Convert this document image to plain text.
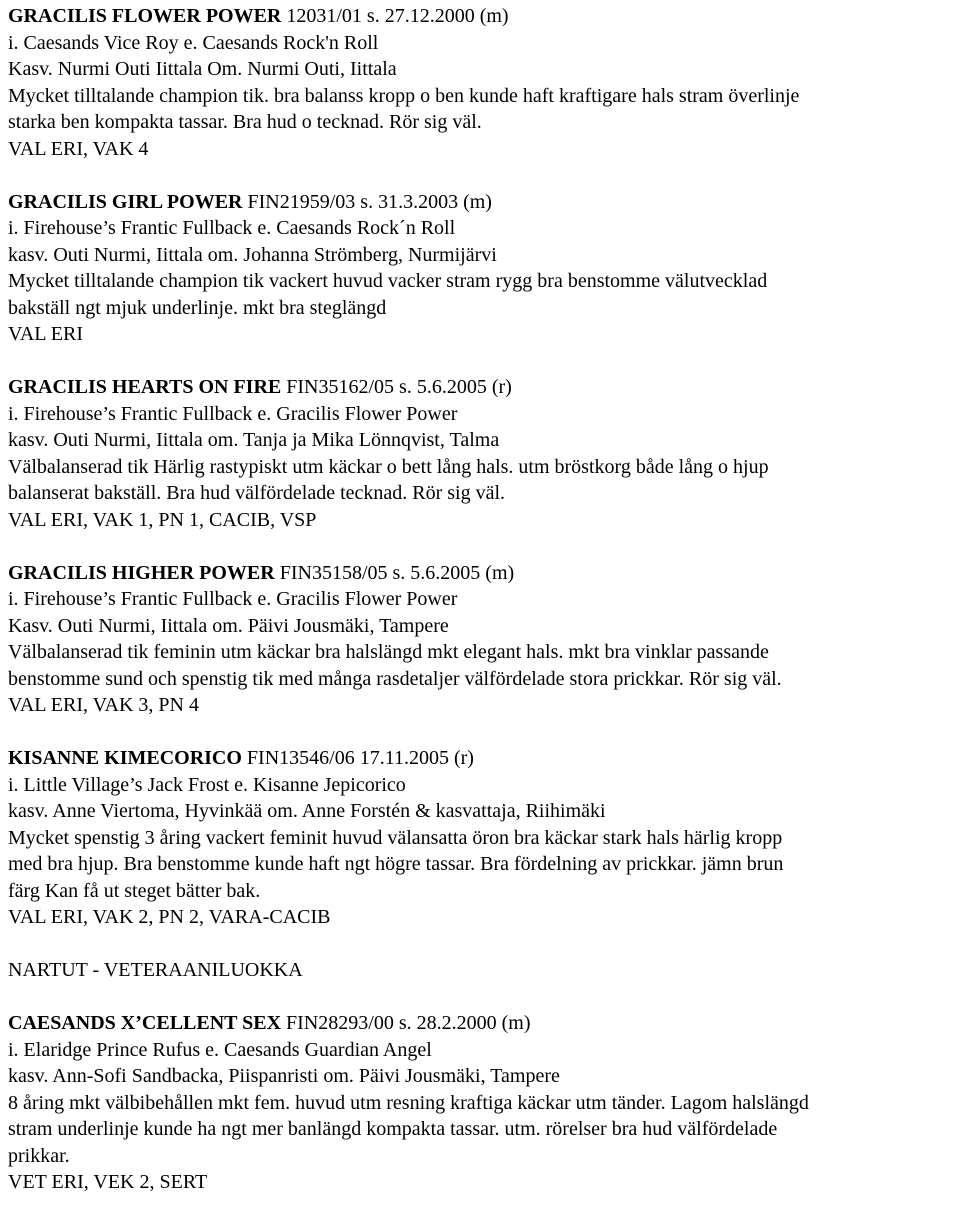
GRACILIS FLOWER POWER 12031/01 s. 27.12.2000 (m)
i. Caesands Vice Roy e. Caesands Rock'n Roll
Kasv. Nurmi Outi Iittala Om. Nurmi Outi, Iittala
Mycket tilltalande champion tik. bra balanss kropp o ben kunde haft kraftigare hals stram överlinje
starka ben kompakta tassar. Bra hud o tecknad. Rör sig väl.
VAL ERI, VAK 4
GRACILIS GIRL POWER FIN21959/03 s. 31.3.2003 (m)
i. Firehouse’s Frantic Fullback e. Caesands Rock´n Roll
kasv. Outi Nurmi, Iittala om. Johanna Strömberg, Nurmijärvi
Mycket tilltalande champion tik vackert huvud vacker stram rygg bra benstomme välutvecklad
bakställ ngt mjuk underlinje. mkt bra steglängd
VAL ERI
GRACILIS HEARTS ON FIRE FIN35162/05 s. 5.6.2005 (r)
i. Firehouse’s Frantic Fullback e. Gracilis Flower Power
kasv. Outi Nurmi, Iittala om. Tanja ja Mika Lönnqvist, Talma
Välbalanserad tik Härlig rastypiskt utm käckar o bett lång hals. utm bröstkorg både lång o hjup
balanserat bakställ. Bra hud välfördelade tecknad. Rör sig väl.
VAL ERI, VAK 1, PN 1, CACIB, VSP
GRACILIS HIGHER POWER FIN35158/05 s. 5.6.2005 (m)
i. Firehouse’s Frantic Fullback e. Gracilis Flower Power
Kasv. Outi Nurmi, Iittala om. Päivi Jousmäki, Tampere
Välbalanserad tik feminin utm käckar bra halslängd mkt elegant hals. mkt bra vinklar passande
benstomme sund och spenstig tik med många rasdetaljer välfördelade stora prickkar. Rör sig väl.
VAL ERI, VAK 3, PN 4
KISANNE KIMECORICO FIN13546/06 17.11.2005 (r)
i. Little Village’s Jack Frost e. Kisanne Jepicorico
kasv. Anne Viertoma, Hyvinkää om. Anne Forstén & kasvattaja, Riihimäki
Mycket spenstig 3 åring vackert feminit huvud välansatta öron bra käckar stark hals härlig kropp
med bra hjup. Bra benstomme kunde haft ngt högre tassar. Bra fördelning av prickkar. jämn brun
färg Kan få ut steget bätter bak.
VAL ERI, VAK 2, PN 2, VARA-CACIB
NARTUT - VETERAANILUOKKA
CAESANDS X’CELLENT SEX FIN28293/00 s. 28.2.2000 (m)
i. Elaridge Prince Rufus e. Caesands Guardian Angel
kasv. Ann-Sofi Sandbacka, Piispanristi om. Päivi Jousmäki, Tampere
8 åring mkt välbibehållen mkt fem. huvud utm resning kraftiga käckar utm tänder. Lagom halslängd
stram underlinje kunde ha ngt mer banlängd kompakta tassar. utm. rörelser bra hud välfördelade
prikkar.
VET ERI, VEK 2, SERT
